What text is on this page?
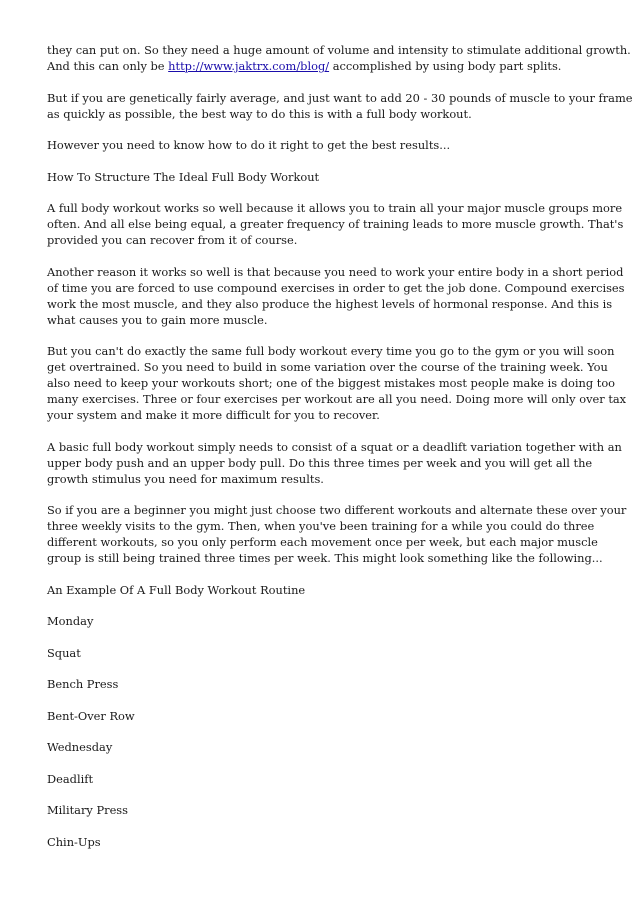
they can put on. So they need a huge amount of volume and intensity to stimulate additional growth.
And this can only be http://www.jaktrx.com/blog/ accomplished by using body part splits.

But if you are genetically fairly average, and just want to add 20 - 30 pounds of muscle to your frame
as quickly as possible, the best way to do this is with a full body workout.

However you need to know how to do it right to get the best results...

How To Structure The Ideal Full Body Workout

A full body workout works so well because it allows you to train all your major muscle groups more
often. And all else being equal, a greater frequency of training leads to more muscle growth. That's
provided you can recover from it of course.

Another reason it works so well is that because you need to work your entire body in a short period
of time you are forced to use compound exercises in order to get the job done. Compound exercises
work the most muscle, and they also produce the highest levels of hormonal response. And this is
what causes you to gain more muscle.

But you can't do exactly the same full body workout every time you go to the gym or you will soon
get overtrained. So you need to build in some variation over the course of the training week. You
also need to keep your workouts short; one of the biggest mistakes most people make is doing too
many exercises. Three or four exercises per workout are all you need. Doing more will only over tax
your system and make it more difficult for you to recover.

A basic full body workout simply needs to consist of a squat or a deadlift variation together with an
upper body push and an upper body pull. Do this three times per week and you will get all the
growth stimulus you need for maximum results.

So if you are a beginner you might just choose two different workouts and alternate these over your
three weekly visits to the gym. Then, when you've been training for a while you could do three
different workouts, so you only perform each movement once per week, but each major muscle
group is still being trained three times per week. This might look something like the following...

An Example Of A Full Body Workout Routine

Monday

Squat

Bench Press

Bent-Over Row

Wednesday

Deadlift

Military Press

Chin-Ups
